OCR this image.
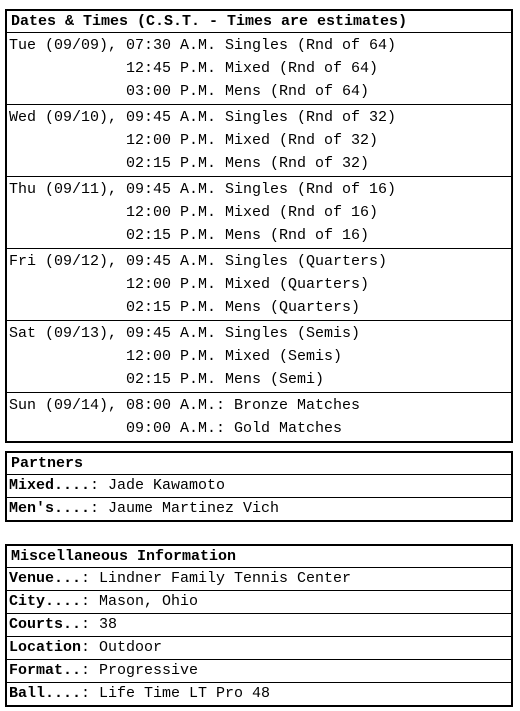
Dates & Times (C.S.T. - Times are estimates)
Tue (09/09), 07:30 A.M. Singles (Rnd of 64)
12:45 P.M. Mixed (Rnd of 64)
03:00 P.M. Mens (Rnd of 64)
Wed (09/10), 09:45 A.M. Singles (Rnd of 32)
12:00 P.M. Mixed (Rnd of 32)
02:15 P.M. Mens (Rnd of 32)
Thu (09/11), 09:45 A.M. Singles (Rnd of 16)
12:00 P.M. Mixed (Rnd of 16)
02:15 P.M. Mens (Rnd of 16)
Fri (09/12), 09:45 A.M. Singles (Quarters)
12:00 P.M. Mixed (Quarters)
02:15 P.M. Mens (Quarters)
Sat (09/13), 09:45 A.M. Singles (Semis)
12:00 P.M. Mixed (Semis)
02:15 P.M. Mens (Semi)
Sun (09/14), 08:00 A.M.: Bronze Matches
09:00 A.M.: Gold Matches
Partners
Mixed....: Jade Kawamoto
Men's....: Jaume Martinez Vich
Miscellaneous Information
Venue...: Lindner Family Tennis Center
City....: Mason, Ohio
Courts..: 38
Location: Outdoor
Format..: Progressive
Ball....: Life Time LT Pro 48
